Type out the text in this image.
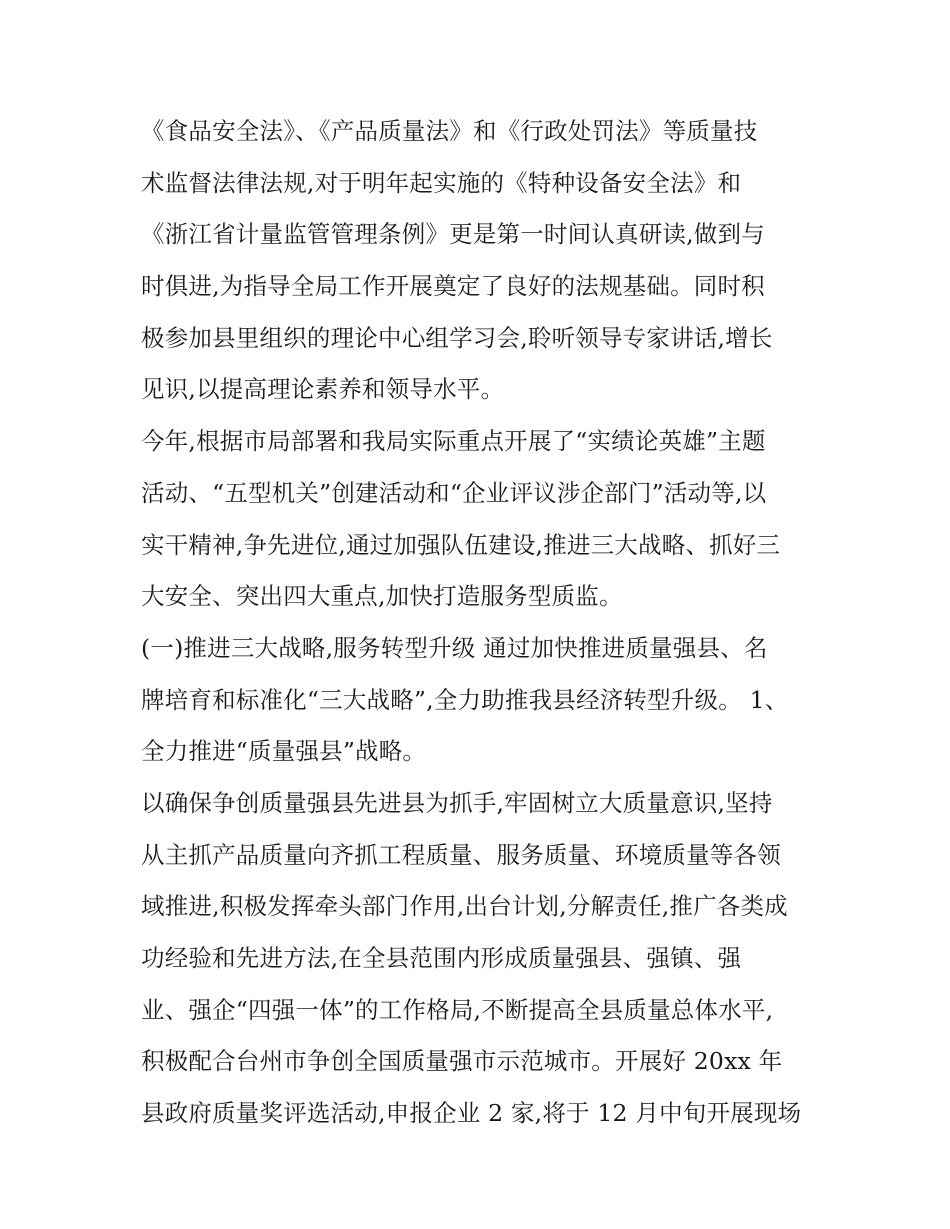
《食品安全法》、《产品质量法》和《行政处罚法》等质量技
术监督法律法规,对于明年起实施的《特种设备安全法》和
《浙江省计量监管管理条例》更是第一时间认真研读,做到与
时俱进,为指导全局工作开展奠定了良好的法规基础。同时积
极参加县里组织的理论中心组学习会,聆听领导专家讲话,增长
见识,以提高理论素养和领导水平。
今年,根据市局部署和我局实际重点开展了“实绩论英雄”主题
活动、“五型机关”创建活动和“企业评议涉企部门”活动等,以
实干精神,争先进位,通过加强队伍建设,推进三大战略、抓好三
大安全、突出四大重点,加快打造服务型质监。
(一)推进三大战略,服务转型升级 通过加快推进质量强县、名
牌培育和标准化“三大战略”,全力助推我县经济转型升级。 1、
全力推进“质量强县”战略。
以确保争创质量强县先进县为抓手,牢固树立大质量意识,坚持
从主抓产品质量向齐抓工程质量、服务质量、环境质量等各领
域推进,积极发挥牵头部门作用,出台计划,分解责任,推广各类成
功经验和先进方法,在全县范围内形成质量强县、强镇、强
业、强企“四强一体”的工作格局,不断提高全县质量总体水平,
积极配合台州市争创全国质量强市示范城市。开展好 20xx 年
县政府质量奖评选活动,申报企业 2 家,将于 12 月中旬开展现场
